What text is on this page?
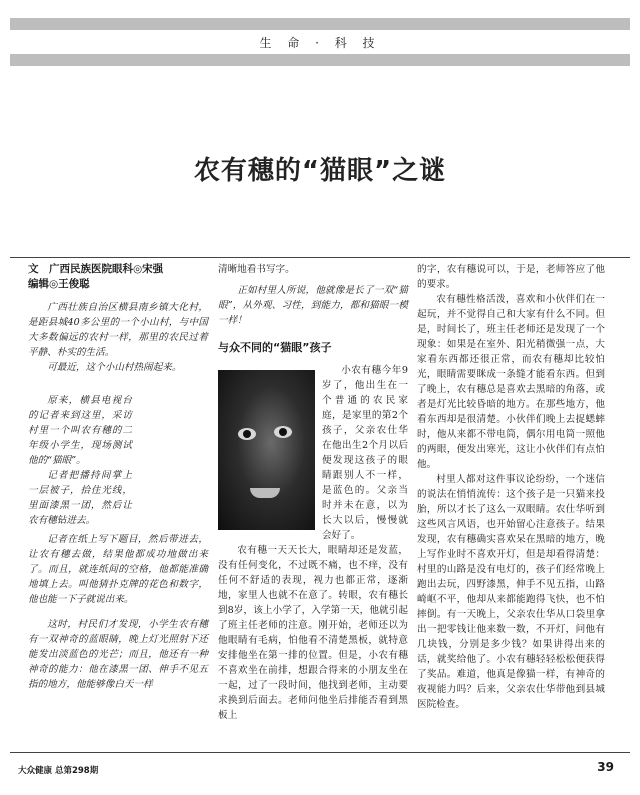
生 命 · 科 技
农有穗的“猫眼”之谜

文　广西民族医院眼科◎宋强

编辑◎王俊聪

广西壮族自治区横县南乡镇大化村，是距县城40多公里的一个小山村，与中国大多数偏远的农村一样，那里的农民过着平静、朴实的生活。

可最近，这个小山村热闹起来。

原来，横县电视台的记者来到这里，采访村里一个叫农有穗的二年级小学生，现场测试他的“猫眼”。

记者把播持间掌上一层被子，拾住光线，里面漆黑一团，然后让农有穗钻进去。

记者在纸上写下题目，然后带进去，让农有穗去做，结果他都成功地做出来了。而且，就连纸间的空格，他都能准确地填上去。叫他猜扑克牌的花色和数字，他也能一下子就说出来。

这时，村民们才发现，小学生农有穗有一双神奇的蓝眼睛，晚上灯光照射下还能发出淡蓝色的光芒；而且，他还有一种神奇的能力：他在漆黑一团、伸手不见五指的地方，他能够像白天一样

清晰地看书写字。

正如村里人所说，他就像是长了一双“猫眼”，从外观、习性，到能力，都和猫眼一模一样！

与众不同的“猫眼”孩子

小农有穗今年9岁了，他出生在一个普通的农民家庭，是家里的第2个孩子，父亲农仕华在他出生2个月以后便发现这孩子的眼睛跟别人不一样，是蓝色的。父亲当时并未在意，以为长大以后，慢慢就会好了。

农有穗一天天长大，眼睛却还是发蓝，没有任何变化，不过既不痛，也不痒，没有任何不舒适的表现，视力也都正常，逐渐地，家里人也就不在意了。转眼，农有穗长到8岁，该上小学了，入学第一天，他就引起了班主任老师的注意。刚开始，老师还以为他眼睛有毛病，怕他看不清楚黑板，就特意安排他坐在第一排的位置。但是，小农有穗不喜欢坐在前排，想跟合得来的小朋友坐在一起，过了一段时间，他找到老师，主动要求换到后面去。老师问他坐后排能否看到黑板上

的字，农有穗说可以，于是，老师答应了他的要求。

农有穗性格活泼，喜欢和小伙伴们在一起玩，并不觉得自己和大家有什么不同。但是，时间长了，班主任老师还是发现了一个现象：如果是在室外、阳光稍微强一点，大家看东西都还很正常，而农有穗却比较怕光，眼睛需要眯成一条缝才能看东西。但到了晚上，农有穗总是喜欢去黑暗的角落，或者是灯光比较昏暗的地方。在那些地方，他看东西却是很清楚。小伙伴们晚上去捉蟋蟀时，他从来都不带电筒，偶尔用电筒一照他的两眼，便发出寒光，这让小伙伴们有点怕他。

村里人都对这件事议论纷纷，一个迷信的说法在悄悄流传：这个孩子是一只猫来投胎，所以才长了这么一双眼睛。农仕华听到这些风言风语，也开始留心注意孩子。结果发现，农有穗确实喜欢呆在黑暗的地方，晚上写作业时不喜欢开灯，但是却看得清楚：村里的山路是没有电灯的，孩子们经常晚上跑出去玩，四野漆黑，伸手不见五指，山路崎岖不平，他却从来都能跑得飞快，也不怕摔倒。有一天晚上，父亲农仕华从口袋里拿出一把零钱让他来数一数，不开灯，问他有几块钱，分别是多少钱？如果讲得出来的话，就奖给他了。小农有穗轻轻松松便获得了奖品。难道，他真是像猫一样，有神奇的夜视能力吗？后来，父亲农仕华带他到县城医院检查。

大众健康 总第298期	39
